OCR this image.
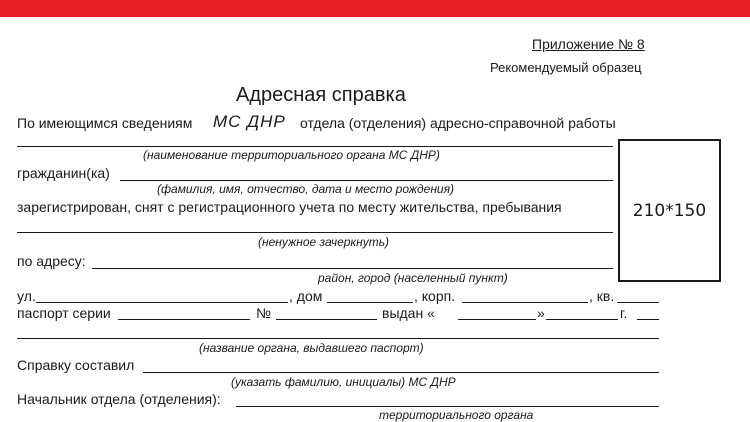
Приложение № 8
Рекомендуемый образец
Адресная справка
По имеющимся сведениям МС ДНР отдела (отделения) адресно-справочной работы
(наименование территориального органа МС ДНР)
гражданин(ка)
(фамилия, имя, отчество, дата и место рождения)
зарегистрирован, снят с регистрационного учета по месту жительства, пребывания
(ненужное зачеркнуть)
по адресу:
район, город (населенный пункт)
ул.	, дом	, корп.	, кв.
паспорт серии	№	выдан «	»	г.
(название органа, выдавшего паспорт)
Справку составил
(указать фамилию, инициалы) МС ДНР
Начальник отдела (отделения):
территориального органа
210*150
